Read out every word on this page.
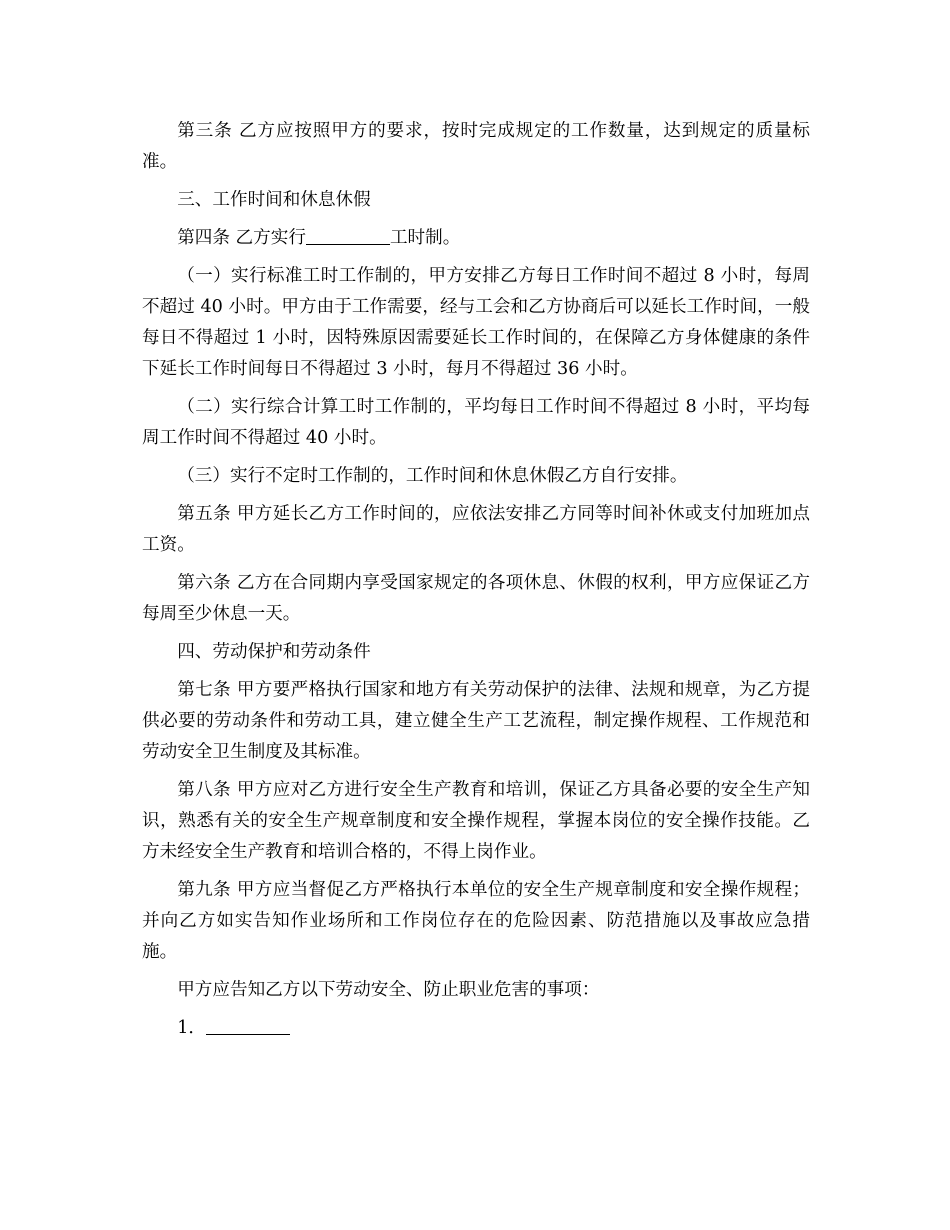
第三条 乙方应按照甲方的要求，按时完成规定的工作数量，达到规定的质量标准。

三、工作时间和休息休假

第四条 乙方实行	工时制。

（一）实行标准工时工作制的，甲方安排乙方每日工作时间不超过 8 小时，每周不超过 40 小时。甲方由于工作需要，经与工会和乙方协商后可以延长工作时间，一般每日不得超过 1 小时，因特殊原因需要延长工作时间的，在保障乙方身体健康的条件下延长工作时间每日不得超过 3 小时，每月不得超过 36 小时。

（二）实行综合计算工时工作制的，平均每日工作时间不得超过 8 小时，平均每周工作时间不得超过 40 小时。

（三）实行不定时工作制的，工作时间和休息休假乙方自行安排。

第五条 甲方延长乙方工作时间的，应依法安排乙方同等时间补休或支付加班加点工资。

第六条 乙方在合同期内享受国家规定的各项休息、休假的权利，甲方应保证乙方每周至少休息一天。

四、劳动保护和劳动条件

第七条 甲方要严格执行国家和地方有关劳动保护的法律、法规和规章，为乙方提供必要的劳动条件和劳动工具，建立健全生产工艺流程，制定操作规程、工作规范和劳动安全卫生制度及其标准。

第八条 甲方应对乙方进行安全生产教育和培训，保证乙方具备必要的安全生产知识，熟悉有关的安全生产规章制度和安全操作规程，掌握本岗位的安全操作技能。乙方未经安全生产教育和培训合格的，不得上岗作业。

第九条 甲方应当督促乙方严格执行本单位的安全生产规章制度和安全操作规程；并向乙方如实告知作业场所和工作岗位存在的危险因素、防范措施以及事故应急措施。

甲方应告知乙方以下劳动安全、防止职业危害的事项：

1．
